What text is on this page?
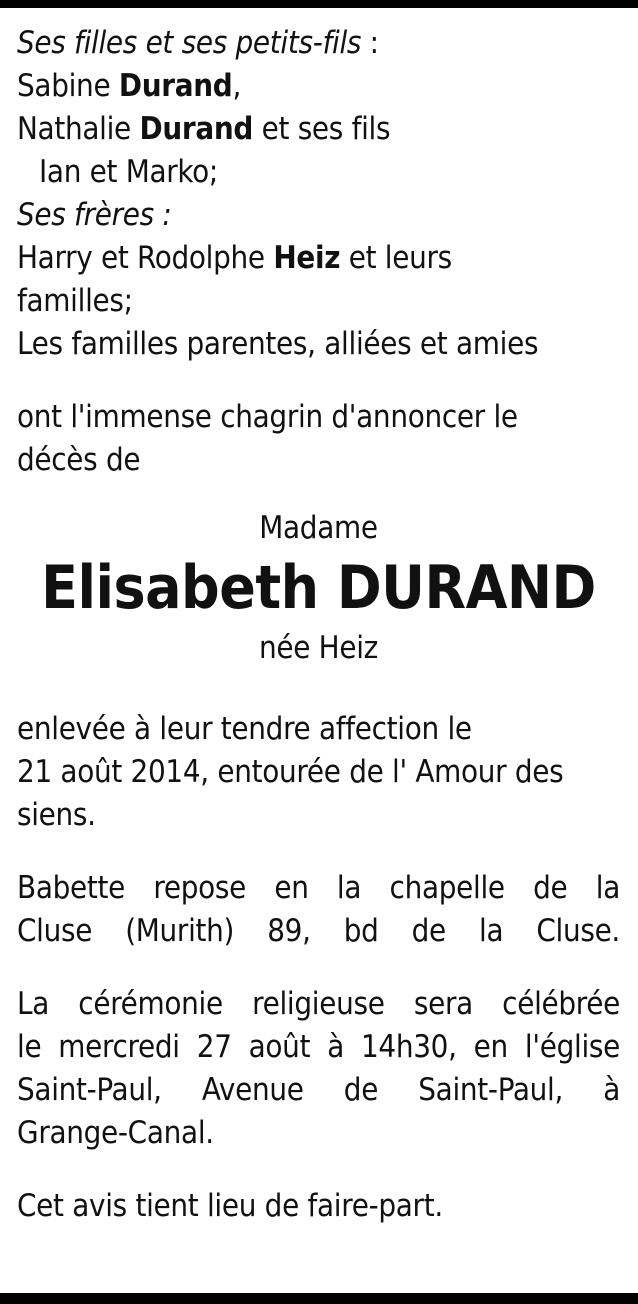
Ses filles et ses petits-fils :

Sabine Durand,

Nathalie Durand et ses fils

Ian et Marko;

Ses frères :

Harry et Rodolphe Heiz et leurs

familles;

Les familles parentes, alliées et amies

ont l'immense chagrin d'annoncer le

décès de

Madame

Elisabeth DURAND

née Heiz

enlevée à leur tendre affection le

21 août 2014, entourée de l' Amour des

siens.

Babette repose en la chapelle de la

Cluse (Murith) 89, bd de la Cluse.

La cérémonie religieuse sera célébrée

le mercredi 27 août à 14h30, en l'église

Saint-Paul, Avenue de Saint-Paul, à

Grange-Canal.

Cet avis tient lieu de faire-part.
